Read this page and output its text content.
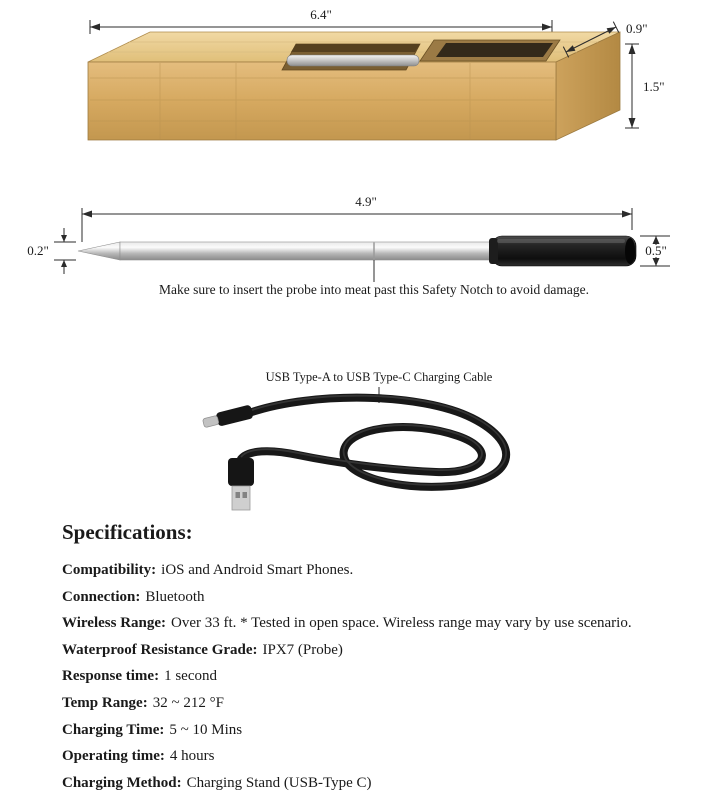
6.4"
0.9"
1.5"
4.9"
0.2"	0.5"
Make sure to insert the probe into meat past this Safety Notch to avoid damage.
USB Type-A to USB Type-C Charging Cable
Specifications:
Compatibility: iOS and Android Smart Phones.
Connection: Bluetooth
Wireless Range: Over 33 ft. * Tested in open space. Wireless range may vary by use scenario.
Waterproof Resistance Grade: IPX7 (Probe)
Response time: 1 second
Temp Range: 32 ~ 212 °F
Charging Time: 5 ~ 10 Mins
Operating time: 4 hours
Charging Method: Charging Stand (USB-Type C)
